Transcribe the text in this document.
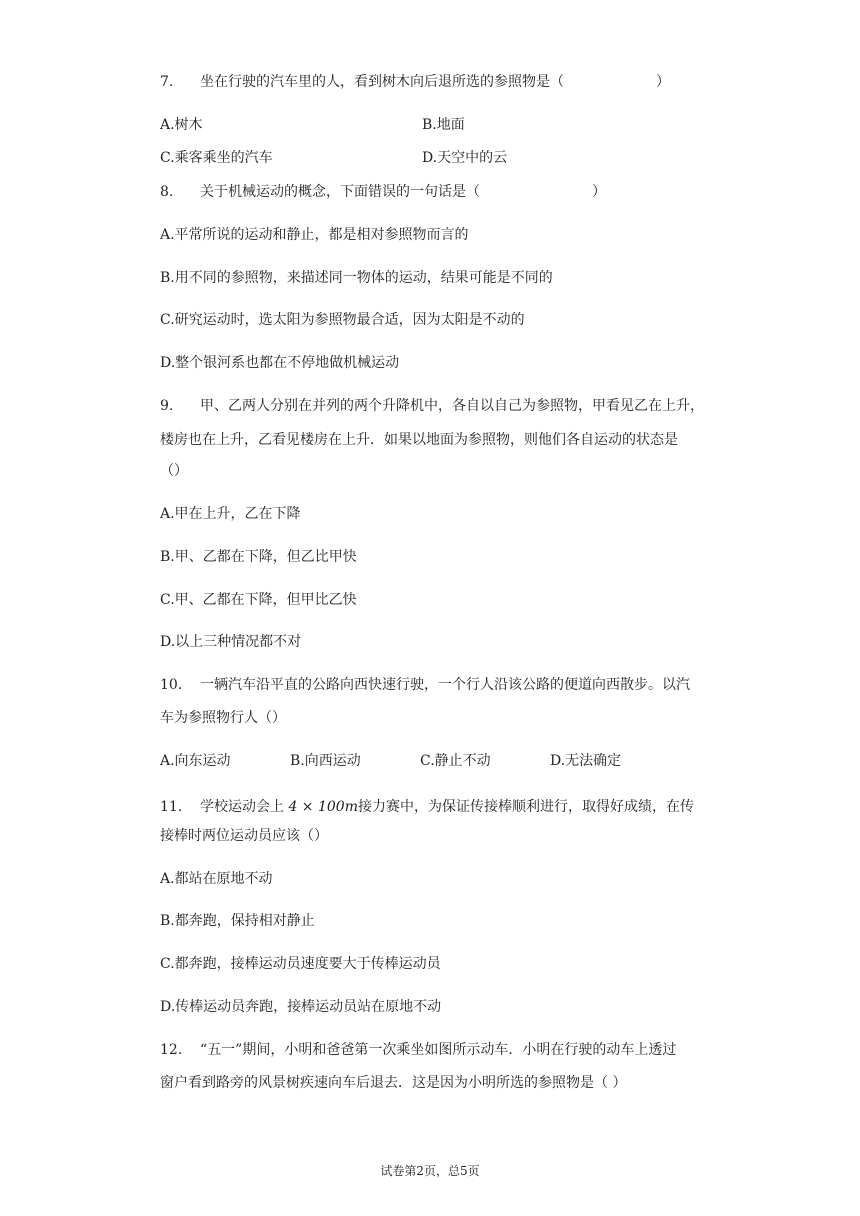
7. 坐在行驶的汽车里的人，看到树木向后退所选的参照物是（	）
A.树木	B.地面
C.乘客乘坐的汽车	D.天空中的云
8. 关于机械运动的概念，下面错误的一句话是（	）
A.平常所说的运动和静止，都是相对参照物而言的
B.用不同的参照物，来描述同一物体的运动，结果可能是不同的
C.研究运动时，选太阳为参照物最合适，因为太阳是不动的
D.整个银河系也都在不停地做机械运动
9. 甲、乙两人分别在并列的两个升降机中，各自以自己为参照物，甲看见乙在上升，
楼房也在上升，乙看见楼房在上升．如果以地面为参照物，则他们各自运动的状态是
（）
A.甲在上升，乙在下降
B.甲、乙都在下降，但乙比甲快
C.甲、乙都在下降，但甲比乙快
D.以上三种情况都不对
10. 一辆汽车沿平直的公路向西快速行驶，一个行人沿该公路的便道向西散步。以汽
车为参照物行人（）
A.向东运动	B.向西运动	C.静止不动	D.无法确定
11. 学校运动会上 4 × 100m接力赛中，为保证传接棒顺利进行，取得好成绩，在传
接棒时两位运动员应该（）
A.都站在原地不动
B.都奔跑，保持相对静止
C.都奔跑，接棒运动员速度要大于传棒运动员
D.传棒运动员奔跑，接棒运动员站在原地不动
12. “五一”期间，小明和爸爸第一次乘坐如图所示动车．小明在行驶的动车上透过
窗户看到路旁的风景树疾速向车后退去．这是因为小明所选的参照物是（ ）
试卷第2页，总5页
